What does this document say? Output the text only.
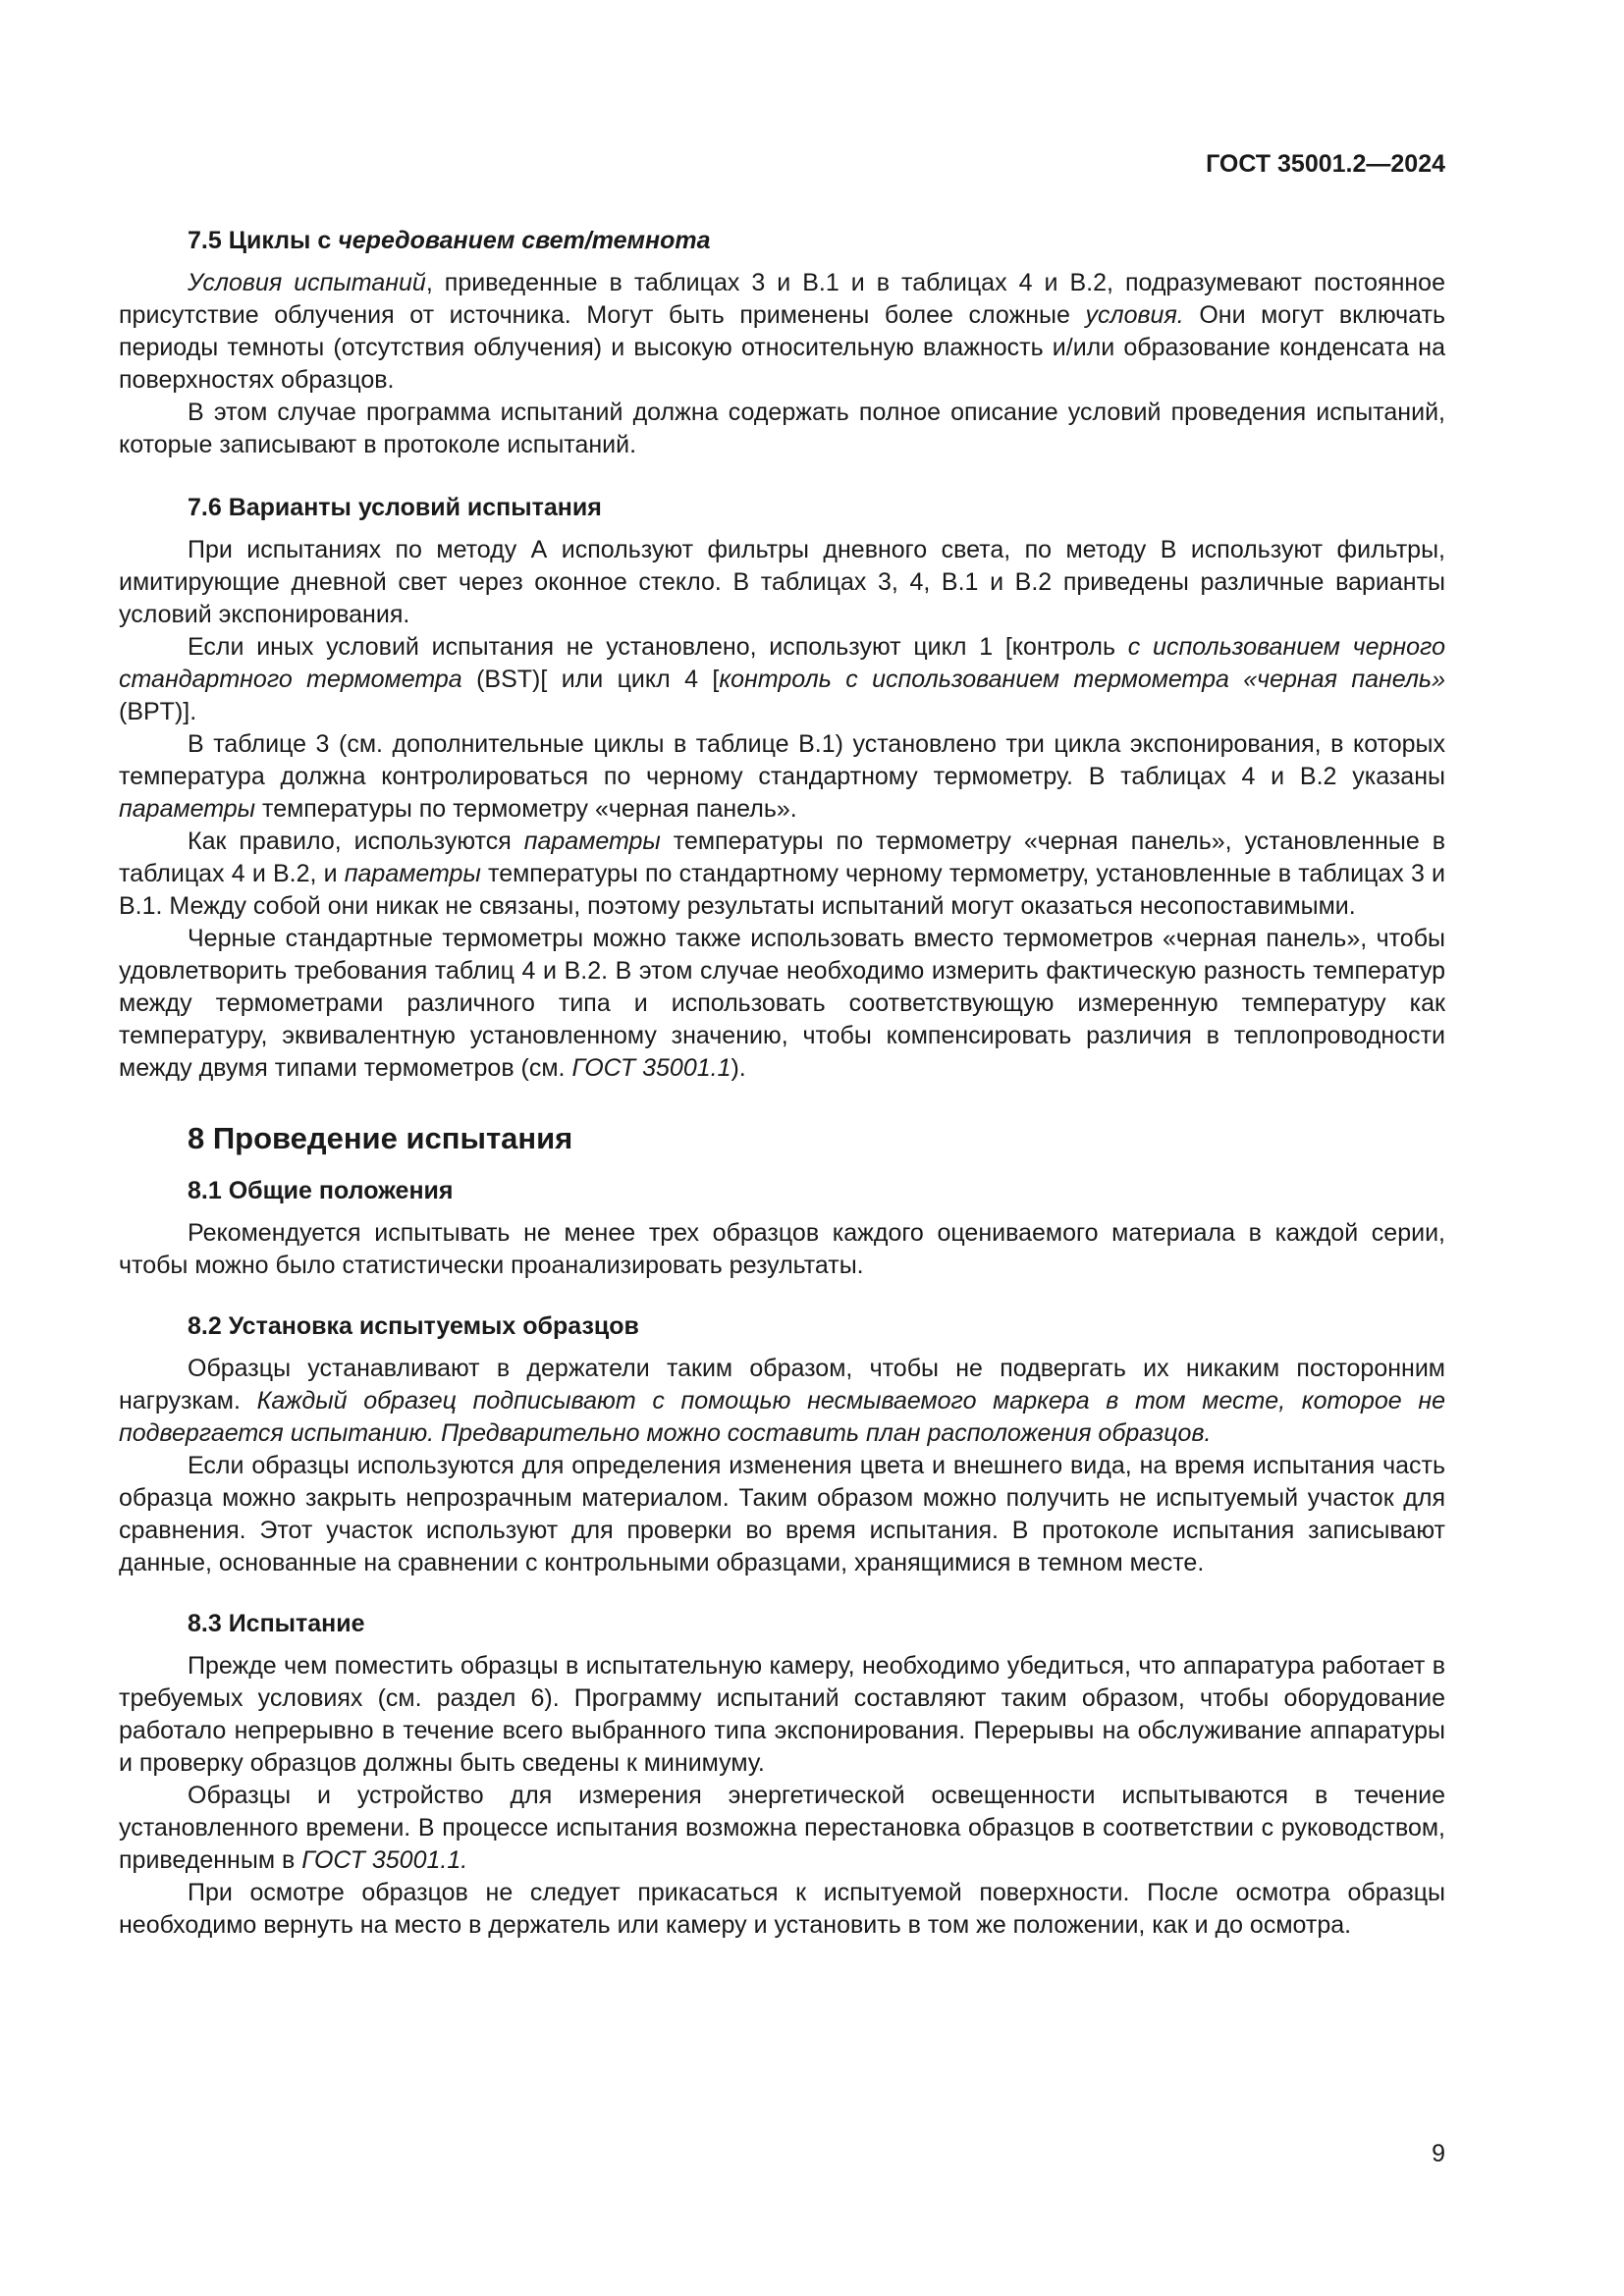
ГОСТ 35001.2—2024

7.5 Циклы с чередованием свет/темнота

Условия испытаний, приведенные в таблицах 3 и В.1 и в таблицах 4 и В.2, подразумевают постоянное присутствие облучения от источника. Могут быть применены более сложные условия. Они могут включать периоды темноты (отсутствия облучения) и высокую относительную влажность и/или образование конденсата на поверхностях образцов.

В этом случае программа испытаний должна содержать полное описание условий проведения испытаний, которые записывают в протоколе испытаний.

7.6 Варианты условий испытания

При испытаниях по методу А используют фильтры дневного света, по методу В используют фильтры, имитирующие дневной свет через оконное стекло. В таблицах 3, 4, В.1 и В.2 приведены различные варианты условий экспонирования.

Если иных условий испытания не установлено, используют цикл 1 [контроль с использованием черного стандартного термометра (BST)[ или цикл 4 [контроль с использованием термометра «черная панель» (BPT)].

В таблице 3 (см. дополнительные циклы в таблице В.1) установлено три цикла экспонирования, в которых температура должна контролироваться по черному стандартному термометру. В таблицах 4 и В.2 указаны параметры температуры по термометру «черная панель».

Как правило, используются параметры температуры по термометру «черная панель», установленные в таблицах 4 и В.2, и параметры температуры по стандартному черному термометру, установленные в таблицах 3 и В.1. Между собой они никак не связаны, поэтому результаты испытаний могут оказаться несопоставимыми.

Черные стандартные термометры можно также использовать вместо термометров «черная панель», чтобы удовлетворить требования таблиц 4 и В.2. В этом случае необходимо измерить фактическую разность температур между термометрами различного типа и использовать соответствующую измеренную температуру как температуру, эквивалентную установленному значению, чтобы компенсировать различия в теплопроводности между двумя типами термометров (см. ГОСТ 35001.1).

8 Проведение испытания
8.1 Общие положения

Рекомендуется испытывать не менее трех образцов каждого оцениваемого материала в каждой серии, чтобы можно было статистически проанализировать результаты.

8.2 Установка испытуемых образцов

Образцы устанавливают в держатели таким образом, чтобы не подвергать их никаким посторонним нагрузкам. Каждый образец подписывают с помощью несмываемого маркера в том месте, которое не подвергается испытанию. Предварительно можно составить план расположения образцов.

Если образцы используются для определения изменения цвета и внешнего вида, на время испытания часть образца можно закрыть непрозрачным материалом. Таким образом можно получить не испытуемый участок для сравнения. Этот участок используют для проверки во время испытания. В протоколе испытания записывают данные, основанные на сравнении с контрольными образцами, хранящимися в темном месте.

8.3 Испытание

Прежде чем поместить образцы в испытательную камеру, необходимо убедиться, что аппаратура работает в требуемых условиях (см. раздел 6). Программу испытаний составляют таким образом, чтобы оборудование работало непрерывно в течение всего выбранного типа экспонирования. Перерывы на обслуживание аппаратуры и проверку образцов должны быть сведены к минимуму.

Образцы и устройство для измерения энергетической освещенности испытываются в течение установленного времени. В процессе испытания возможна перестановка образцов в соответствии с руководством, приведенным в ГОСТ 35001.1.

При осмотре образцов не следует прикасаться к испытуемой поверхности. После осмотра образцы необходимо вернуть на место в держатель или камеру и установить в том же положении, как и до осмотра.

9
